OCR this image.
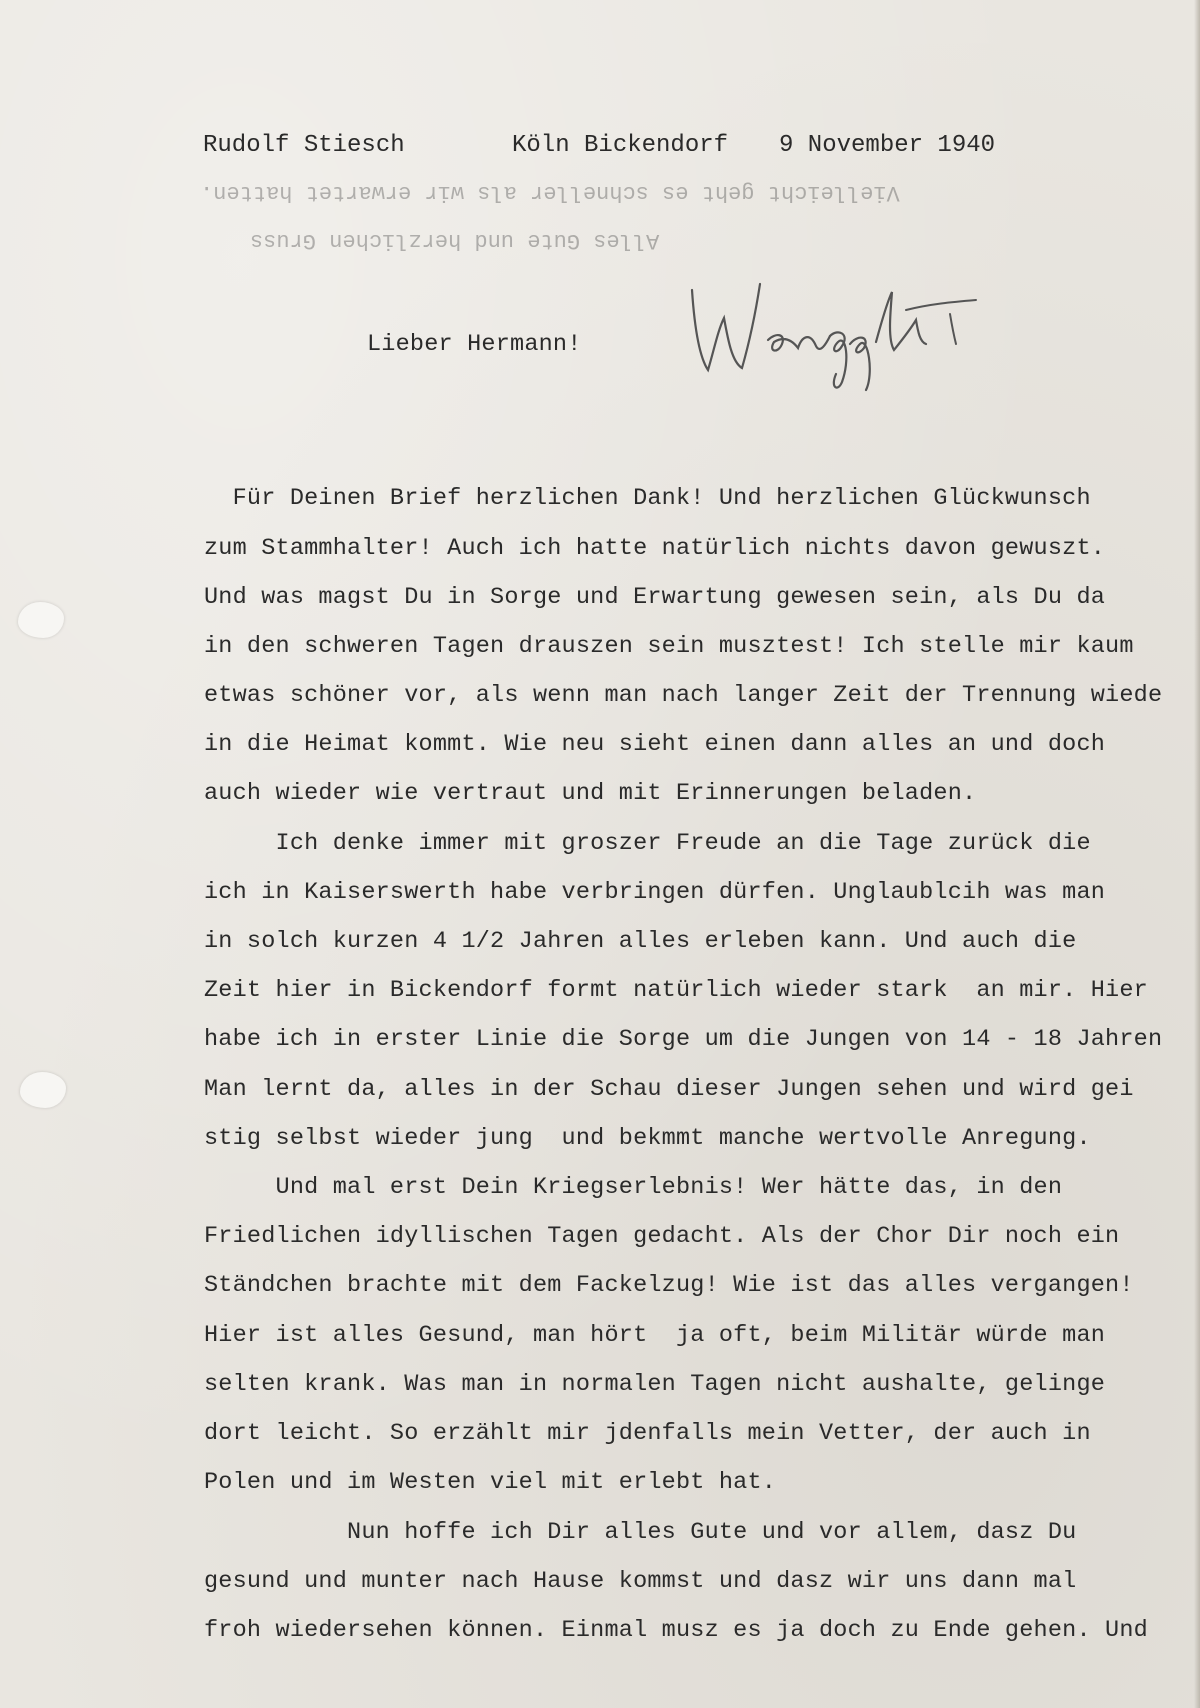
Rudolf Stiesch

	Köln Bickendorf

9 November 1940

Vielleicht geht es schneller als wir erwartet hatten.
Alles Gute und herzlichen Gruss
Lieber Hermann!
Für Deinen Brief herzlichen Dank! Und herzlichen Glückwunsch
zum Stammhalter! Auch ich hatte natürlich nichts davon gewuszt.
Und was magst Du in Sorge und Erwartung gewesen sein, als Du da
in den schweren Tagen drauszen sein musztest! Ich stelle mir kaum
etwas schöner vor, als wenn man nach langer Zeit der Trennung wiede
in die Heimat kommt. Wie neu sieht einen dann alles an und doch
auch wieder wie vertraut und mit Erinnerungen beladen.
Ich denke immer mit groszer Freude an die Tage zurück die
ich in Kaiserswerth habe verbringen dürfen. Unglaublcih was man
in solch kurzen 4 1/2 Jahren alles erleben kann. Und auch die
Zeit hier in Bickendorf formt natürlich wieder stark  an mir. Hier
habe ich in erster Linie die Sorge um die Jungen von 14 - 18 Jahren
Man lernt da, alles in der Schau dieser Jungen sehen und wird gei
stig selbst wieder jung  und bekmmt manche wertvolle Anregung.
Und mal erst Dein Kriegserlebnis! Wer hätte das, in den
Friedlichen idyllischen Tagen gedacht. Als der Chor Dir noch ein
Ständchen brachte mit dem Fackelzug! Wie ist das alles vergangen!
Hier ist alles Gesund, man hört  ja oft, beim Militär würde man
selten krank. Was man in normalen Tagen nicht aushalte, gelinge
dort leicht. So erzählt mir jdenfalls mein Vetter, der auch in
Polen und im Westen viel mit erlebt hat.
Nun hoffe ich Dir alles Gute und vor allem, dasz Du
gesund und munter nach Hause kommst und dasz wir uns dann mal
froh wiedersehen können. Einmal musz es ja doch zu Ende gehen. Und
